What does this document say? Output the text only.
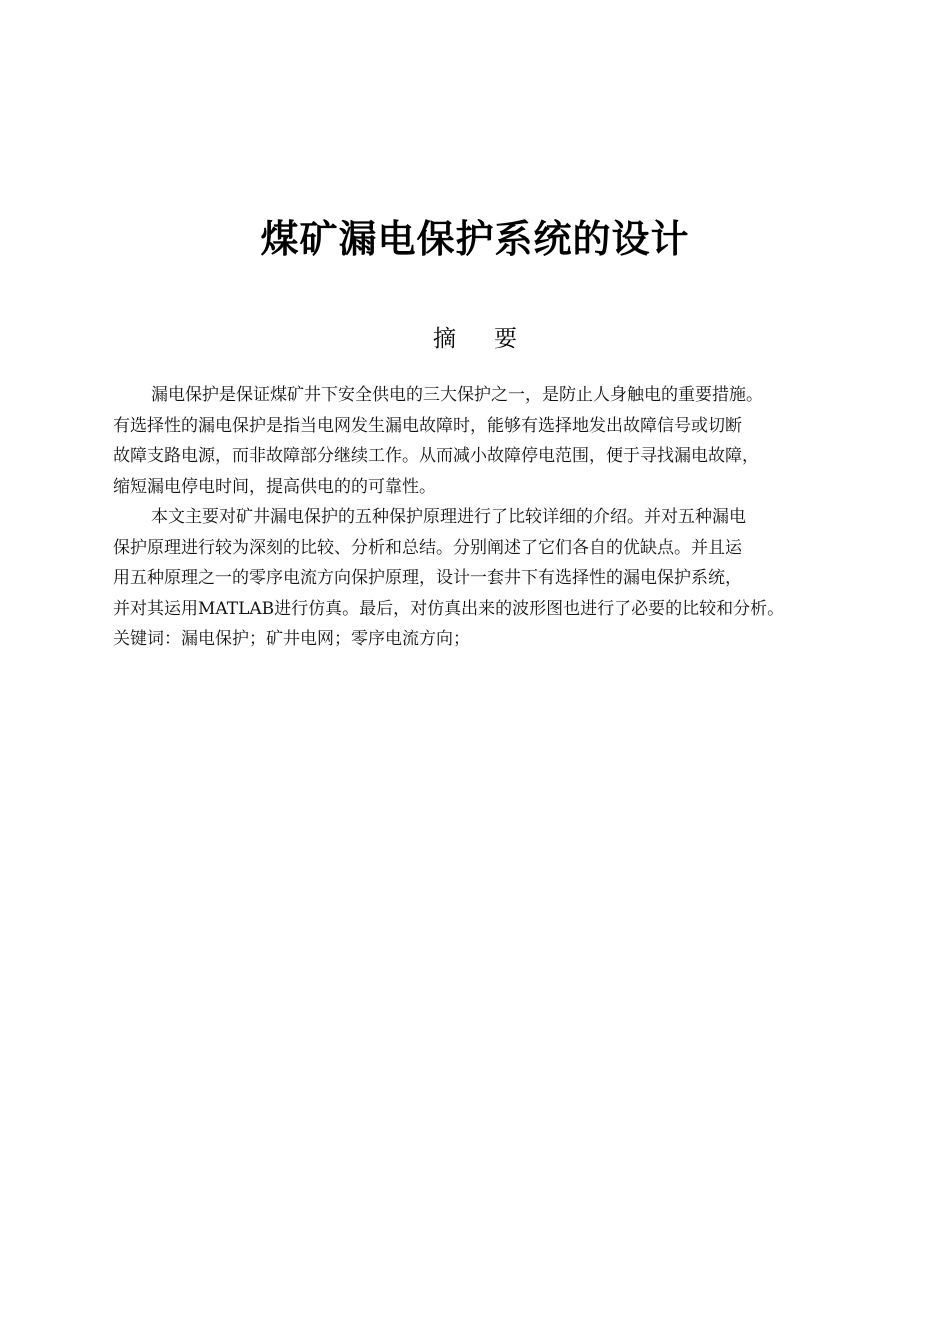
煤矿漏电保护系统的设计
摘 要
漏电保护是保证煤矿井下安全供电的三大保护之一，是防止人身触电的重要措施。
有选择性的漏电保护是指当电网发生漏电故障时，能够有选择地发出故障信号或切断
故障支路电源，而非故障部分继续工作。从而减小故障停电范围，便于寻找漏电故障，
缩短漏电停电时间，提高供电的的可靠性。
本文主要对矿井漏电保护的五种保护原理进行了比较详细的介绍。并对五种漏电
保护原理进行较为深刻的比较、分析和总结。分别阐述了它们各自的优缺点。并且运
用五种原理之一的零序电流方向保护原理，设计一套井下有选择性的漏电保护系统，
并对其运用MATLAB进行仿真。最后，对仿真出来的波形图也进行了必要的比较和分析。
关键词：漏电保护；矿井电网；零序电流方向；
